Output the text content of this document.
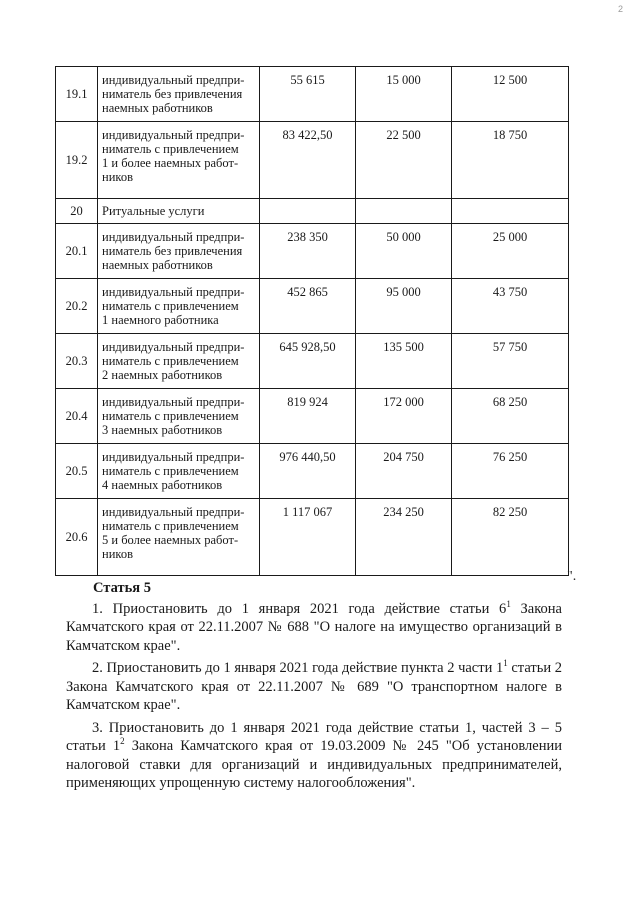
2
19.1	индивидуальный предпри-
ниматель без привлечения
наемных работников	55 615	15 000	12 500
19.2	индивидуальный предпри-
ниматель с привлечением
1 и более наемных работ-
ников	83 422,50	22 500	18 750
20	Ритуальные услуги			

20.1	индивидуальный предпри-
ниматель без привлечения
наемных работников	238 350	50 000	25 000
20.2	индивидуальный предпри-
ниматель с привлечением
1 наемного работника	452 865	95 000	43 750
20.3	индивидуальный предпри-
ниматель с привлечением
2 наемных работников	645 928,50	135 500	57 750
20.4	индивидуальный предпри-
ниматель с привлечением
3 наемных работников	819 924	172 000	68 250
20.5	индивидуальный предпри-
ниматель с привлечением
4 наемных работников	976 440,50	204 750	76 250
20.6	индивидуальный предпри-
ниматель с привлечением
5 и более наемных работ-
ников	1 117 067	234 250	82 250
".
Статья 5

1. Приостановить до 1 января 2021 года действие статьи $6^1$ Закона Камчатского края от 22.11.2007 № 688 "О налоге на имущество организаций в Камчатском крае".

2. Приостановить до 1 января 2021 года действие пункта 2 части $1^1$ статьи 2 Закона Камчатского края от 22.11.2007 № 689 "О транспортном налоге в Камчатском крае".

3. Приостановить до 1 января 2021 года действие статьи 1, частей 3 – 5 статьи $1^2$ Закона Камчатского края от 19.03.2009 № 245 "Об установлении налоговой ставки для организаций и индивидуальных предпринимателей, применяющих упрощенную систему налогообложения".
